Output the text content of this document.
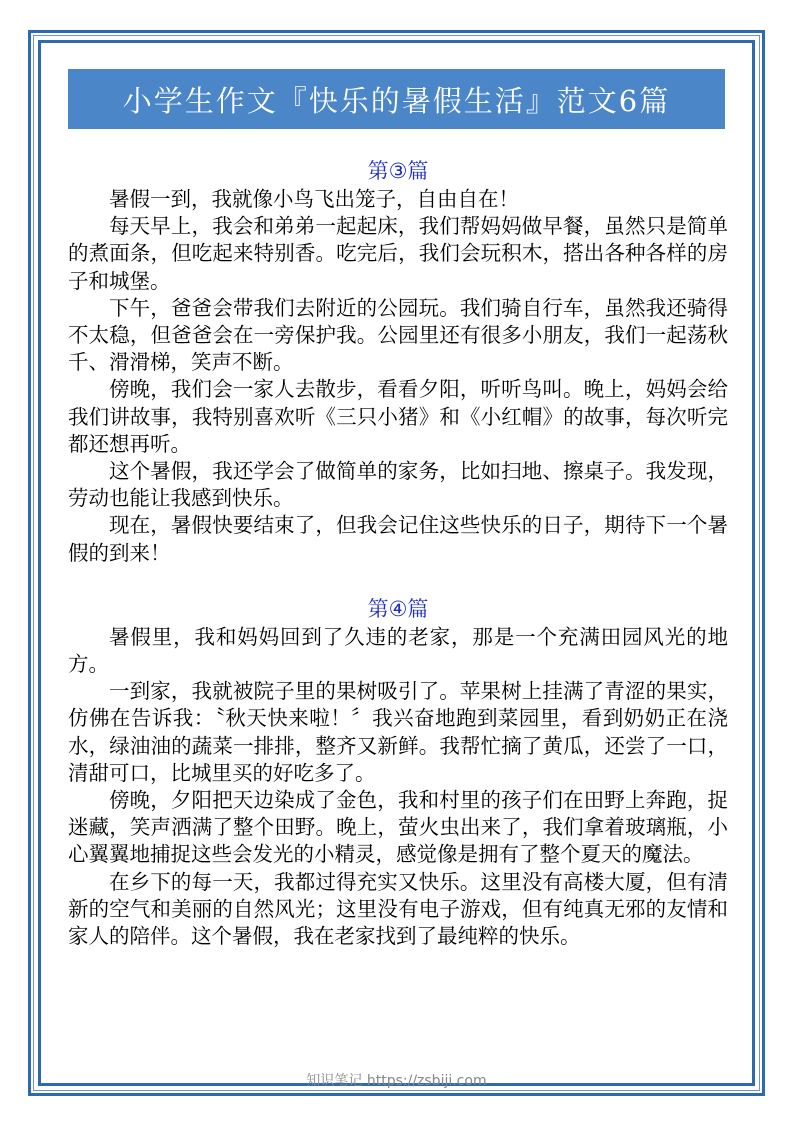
小学生作文『快乐的暑假生活』范文6篇
第③篇

暑假一到，我就像小鸟飞出笼子，自由自在！

每天早上，我会和弟弟一起起床，我们帮妈妈做早餐，虽然只是简单的煮面条，但吃起来特别香。吃完后，我们会玩积木，搭出各种各样的房子和城堡。

下午，爸爸会带我们去附近的公园玩。我们骑自行车，虽然我还骑得不太稳，但爸爸会在一旁保护我。公园里还有很多小朋友，我们一起荡秋千、滑滑梯，笑声不断。

傍晚，我们会一家人去散步，看看夕阳，听听鸟叫。晚上，妈妈会给我们讲故事，我特别喜欢听《三只小猪》和《小红帽》的故事，每次听完都还想再听。

这个暑假，我还学会了做简单的家务，比如扫地、擦桌子。我发现，劳动也能让我感到快乐。

现在，暑假快要结束了，但我会记住这些快乐的日子，期待下一个暑假的到来！

第④篇

暑假里，我和妈妈回到了久违的老家，那是一个充满田园风光的地方。

一到家，我就被院子里的果树吸引了。苹果树上挂满了青涩的果实，仿佛在告诉我：〝秋天快来啦！〞我兴奋地跑到菜园里，看到奶奶正在浇水，绿油油的蔬菜一排排，整齐又新鲜。我帮忙摘了黄瓜，还尝了一口，清甜可口，比城里买的好吃多了。

傍晚，夕阳把天边染成了金色，我和村里的孩子们在田野上奔跑，捉迷藏，笑声洒满了整个田野。晚上，萤火虫出来了，我们拿着玻璃瓶，小心翼翼地捕捉这些会发光的小精灵，感觉像是拥有了整个夏天的魔法。

在乡下的每一天，我都过得充实又快乐。这里没有高楼大厦，但有清新的空气和美丽的自然风光；这里没有电子游戏，但有纯真无邪的友情和家人的陪伴。这个暑假，我在老家找到了最纯粹的快乐。

知识笔记 https://zsbiji.com
